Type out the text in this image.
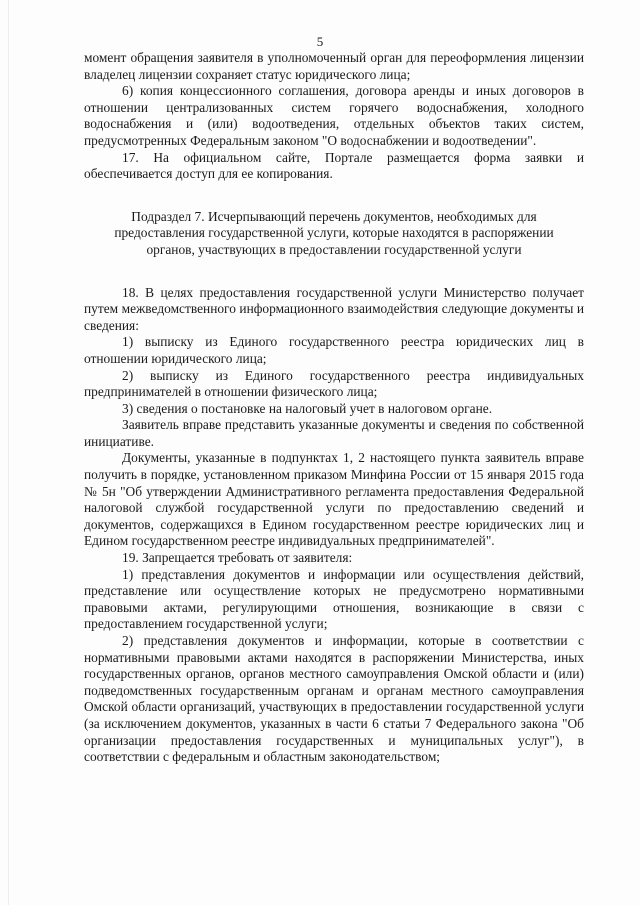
5

момент обращения заявителя в уполномоченный орган для переоформления лицензии владелец лицензии сохраняет статус юридического лица;

6) копия концессионного соглашения, договора аренды и иных договоров в отношении централизованных систем горячего водоснабжения, холодного водоснабжения и (или) водоотведения, отдельных объектов таких систем, предусмотренных Федеральным законом "О водоснабжении и водоотведении".

17. На официальном сайте, Портале размещается форма заявки и обеспечивается доступ для ее копирования.

Подраздел 7. Исчерпывающий перечень документов, необходимых для предоставления государственной услуги, которые находятся в распоряжении органов, участвующих в предоставлении государственной услуги

18. В целях предоставления государственной услуги Министерство получает путем межведомственного информационного взаимодействия следующие документы и сведения:

1) выписку из Единого государственного реестра юридических лиц в отношении юридического лица;

2) выписку из Единого государственного реестра индивидуальных предпринимателей в отношении физического лица;

3) сведения о постановке на налоговый учет в налоговом органе.

Заявитель вправе представить указанные документы и сведения по собственной инициативе.

Документы, указанные в подпунктах 1, 2 настоящего пункта заявитель вправе получить в порядке, установленном приказом Минфина России от 15 января 2015 года № 5н "Об утверждении Административного регламента предоставления Федеральной налоговой службой государственной услуги по предоставлению сведений и документов, содержащихся в Едином государственном реестре юридических лиц и Едином государственном реестре индивидуальных предпринимателей".

19. Запрещается требовать от заявителя:

1) представления документов и информации или осуществления действий, представление или осуществление которых не предусмотрено нормативными правовыми актами, регулирующими отношения, возникающие в связи с предоставлением государственной услуги;

2) представления документов и информации, которые в соответствии с нормативными правовыми актами находятся в распоряжении Министерства, иных государственных органов, органов местного самоуправления Омской области и (или) подведомственных государственным органам и органам местного самоуправления Омской области организаций, участвующих в предоставлении государственной услуги (за исключением документов, указанных в части 6 статьи 7 Федерального закона "Об организации предоставления государственных и муниципальных услуг"), в соответствии с федеральным и областным законодательством;
